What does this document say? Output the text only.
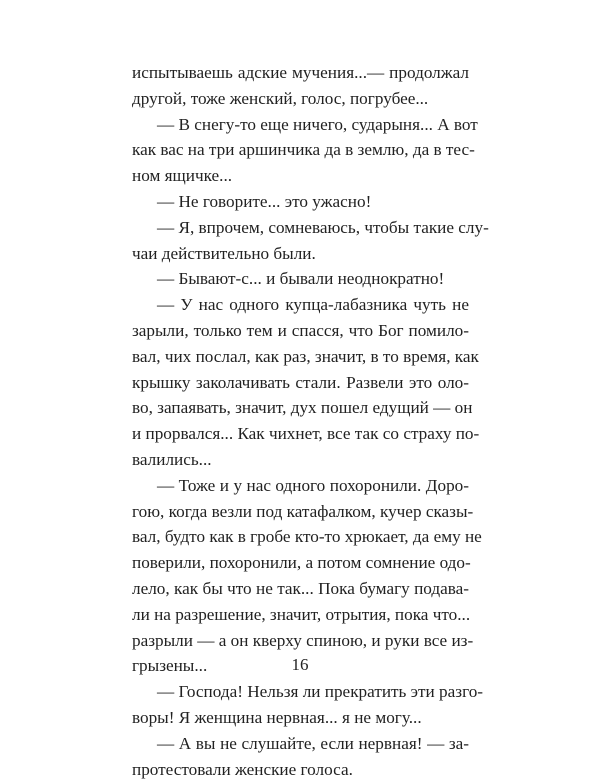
испытываешь адские мучения...— продолжал
другой, тоже женский, голос, погрубее...
— В снегу-то еще ничего, сударыня... А вот
как вас на три аршинчика да в землю, да в тес-
ном ящичке...
— Не говорите... это ужасно!
— Я, впрочем, сомневаюсь, чтобы такие слу-
чаи действительно были.
— Бывают-с... и бывали неоднократно!
— У нас одного купца-лабазника чуть не
зарыли, только тем и спасся, что Бог помило-
вал, чих послал, как раз, значит, в то время, как
крышку заколачивать стали. Развели это оло-
во, запаявать, значит, дух пошел едущий — он
и прорвался... Как чихнет, все так со страху по-
валились...
— Тоже и у нас одного похоронили. Доро-
гою, когда везли под катафалком, кучер сказы-
вал, будто как в гробе кто-то хрюкает, да ему не
поверили, похоронили, а потом сомнение одо-
лело, как бы что не так... Пока бумагу подава-
ли на разрешение, значит, отрытия, пока что...
разрыли — а он кверху спиною, и руки все из-
грызены...
— Господа! Нельзя ли прекратить эти разго-
воры! Я женщина нервная... я не могу...
— А вы не слушайте, если нервная! — за-
протестовали женские голоса.
16
